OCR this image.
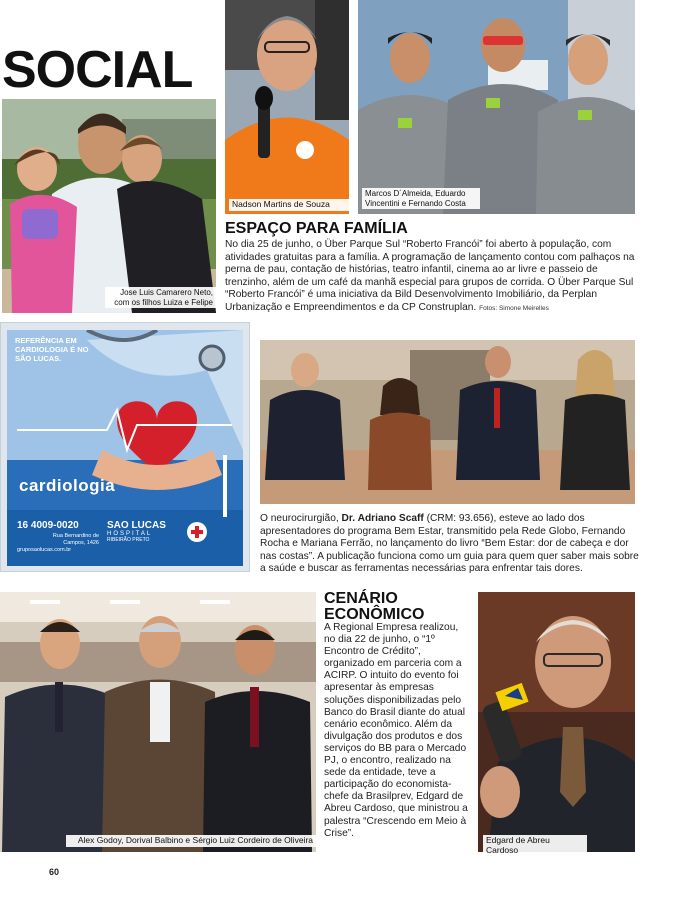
SOCIAL
Jose Luis Camarero Neto, com os filhos Luiza e Felipe
Nadson Martins de Souza
Marcos D´Almeida, Eduardo Vincentini e Fernando Costa
ESPAÇO PARA FAMÍLIA
No dia 25 de junho, o Über Parque Sul “Roberto Francói” foi aberto à população, com atividades gratuitas para a família. A programação de lançamento contou com palhaços na perna de pau, contação de histórias, teatro infantil, cinema ao ar livre e passeio de trenzinho, além de um café da manhã especial para grupos de corrida. O Über Parque Sul “Roberto Francói” é uma iniciativa da Bild Desenvolvimento Imobiliário, da Perplan Urbanização e Empreendimentos e da CP Construplan. Fotos: Simone Meirelles
REFERÊNCIA EM CARDIOLOGIA É NO SÃO LUCAS.
cardiologia
16 4009-0020
Rua Bernardino de Campos, 1426
gruposaolucas.com.br
SAO LUCAS
HOSPITAL
RIBEIRÃO PRETO
O neurocirurgião, Dr. Adriano Scaff (CRM: 93.656), esteve ao lado dos apresentadores do programa Bem Estar, transmitido pela Rede Globo, Fernando Rocha e Mariana Ferrão, no lançamento do livro “Bem Estar: dor de cabeça e dor nas costas”. A publicação funciona como um guia para quem quer saber mais sobre a saúde e buscar as ferramentas necessárias para enfrentar tais dores.
Alex Godoy, Dorival Balbino e Sérgio Luiz Cordeiro de Oliveira
CENÁRIO ECONÔMICO
A Regional Empresa realizou, no dia 22 de junho, o “1º Encontro de Crédito”, organizado em parceria com a ACIRP. O intuito do evento foi apresentar às empresas soluções disponibilizadas pelo Banco do Brasil diante do atual cenário econômico. Além da divulgação dos produtos e dos serviços do BB para o Mercado PJ, o encontro, realizado na sede da entidade, teve a participação do economista-chefe da Brasilprev, Edgard de Abreu Cardoso, que ministrou a palestra “Crescendo em Meio à Crise”.
Edgard de Abreu Cardoso
60
